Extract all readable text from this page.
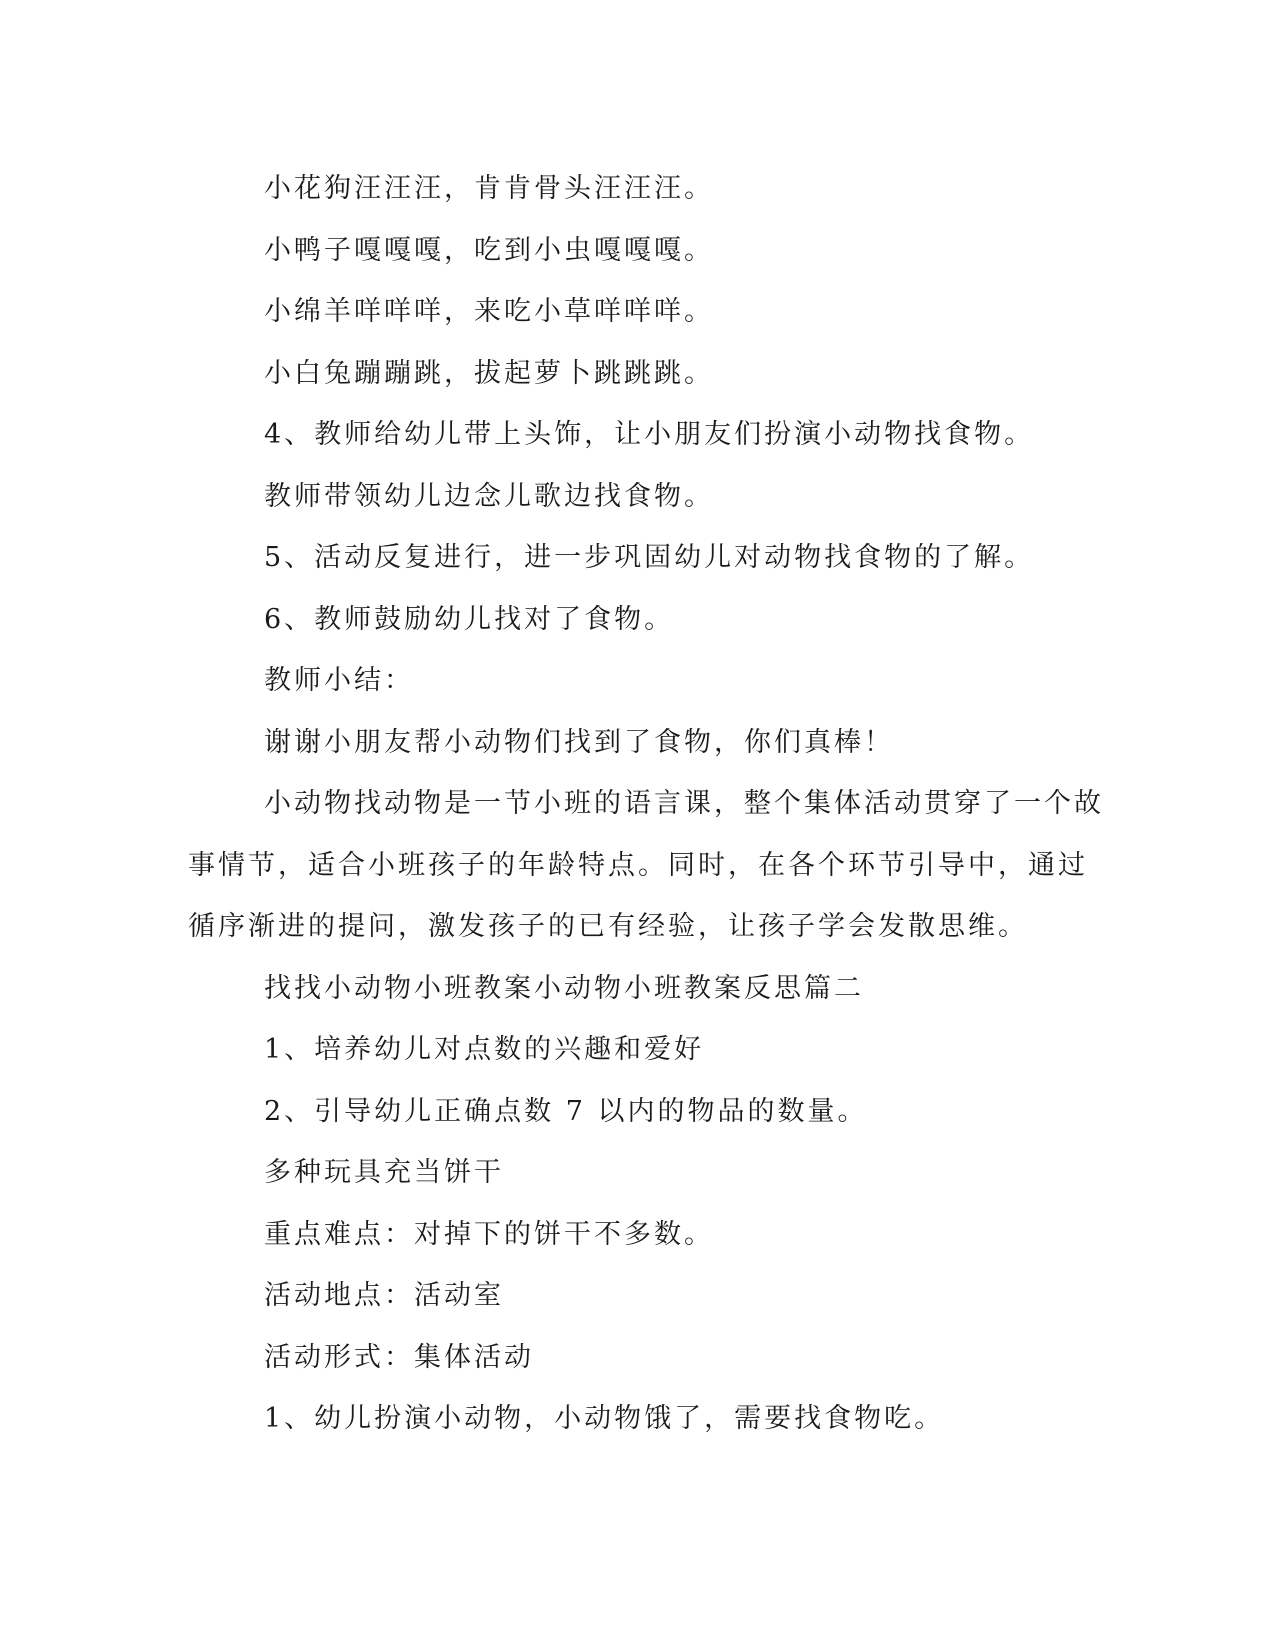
小花狗汪汪汪，肯肯骨头汪汪汪。
小鸭子嘎嘎嘎，吃到小虫嘎嘎嘎。
小绵羊咩咩咩，来吃小草咩咩咩。
小白兔蹦蹦跳，拔起萝卜跳跳跳。
4、教师给幼儿带上头饰，让小朋友们扮演小动物找食物。
教师带领幼儿边念儿歌边找食物。
5、活动反复进行，进一步巩固幼儿对动物找食物的了解。
6、教师鼓励幼儿找对了食物。
教师小结：
谢谢小朋友帮小动物们找到了食物，你们真棒！
小动物找动物是一节小班的语言课，整个集体活动贯穿了一个故
事情节，适合小班孩子的年龄特点。同时，在各个环节引导中，通过
循序渐进的提问，激发孩子的已有经验，让孩子学会发散思维。
找找小动物小班教案小动物小班教案反思篇二
1、培养幼儿对点数的兴趣和爱好
2、引导幼儿正确点数 7 以内的物品的数量。
多种玩具充当饼干
重点难点：对掉下的饼干不多数。
活动地点：活动室
活动形式：集体活动
1、幼儿扮演小动物，小动物饿了，需要找食物吃。
